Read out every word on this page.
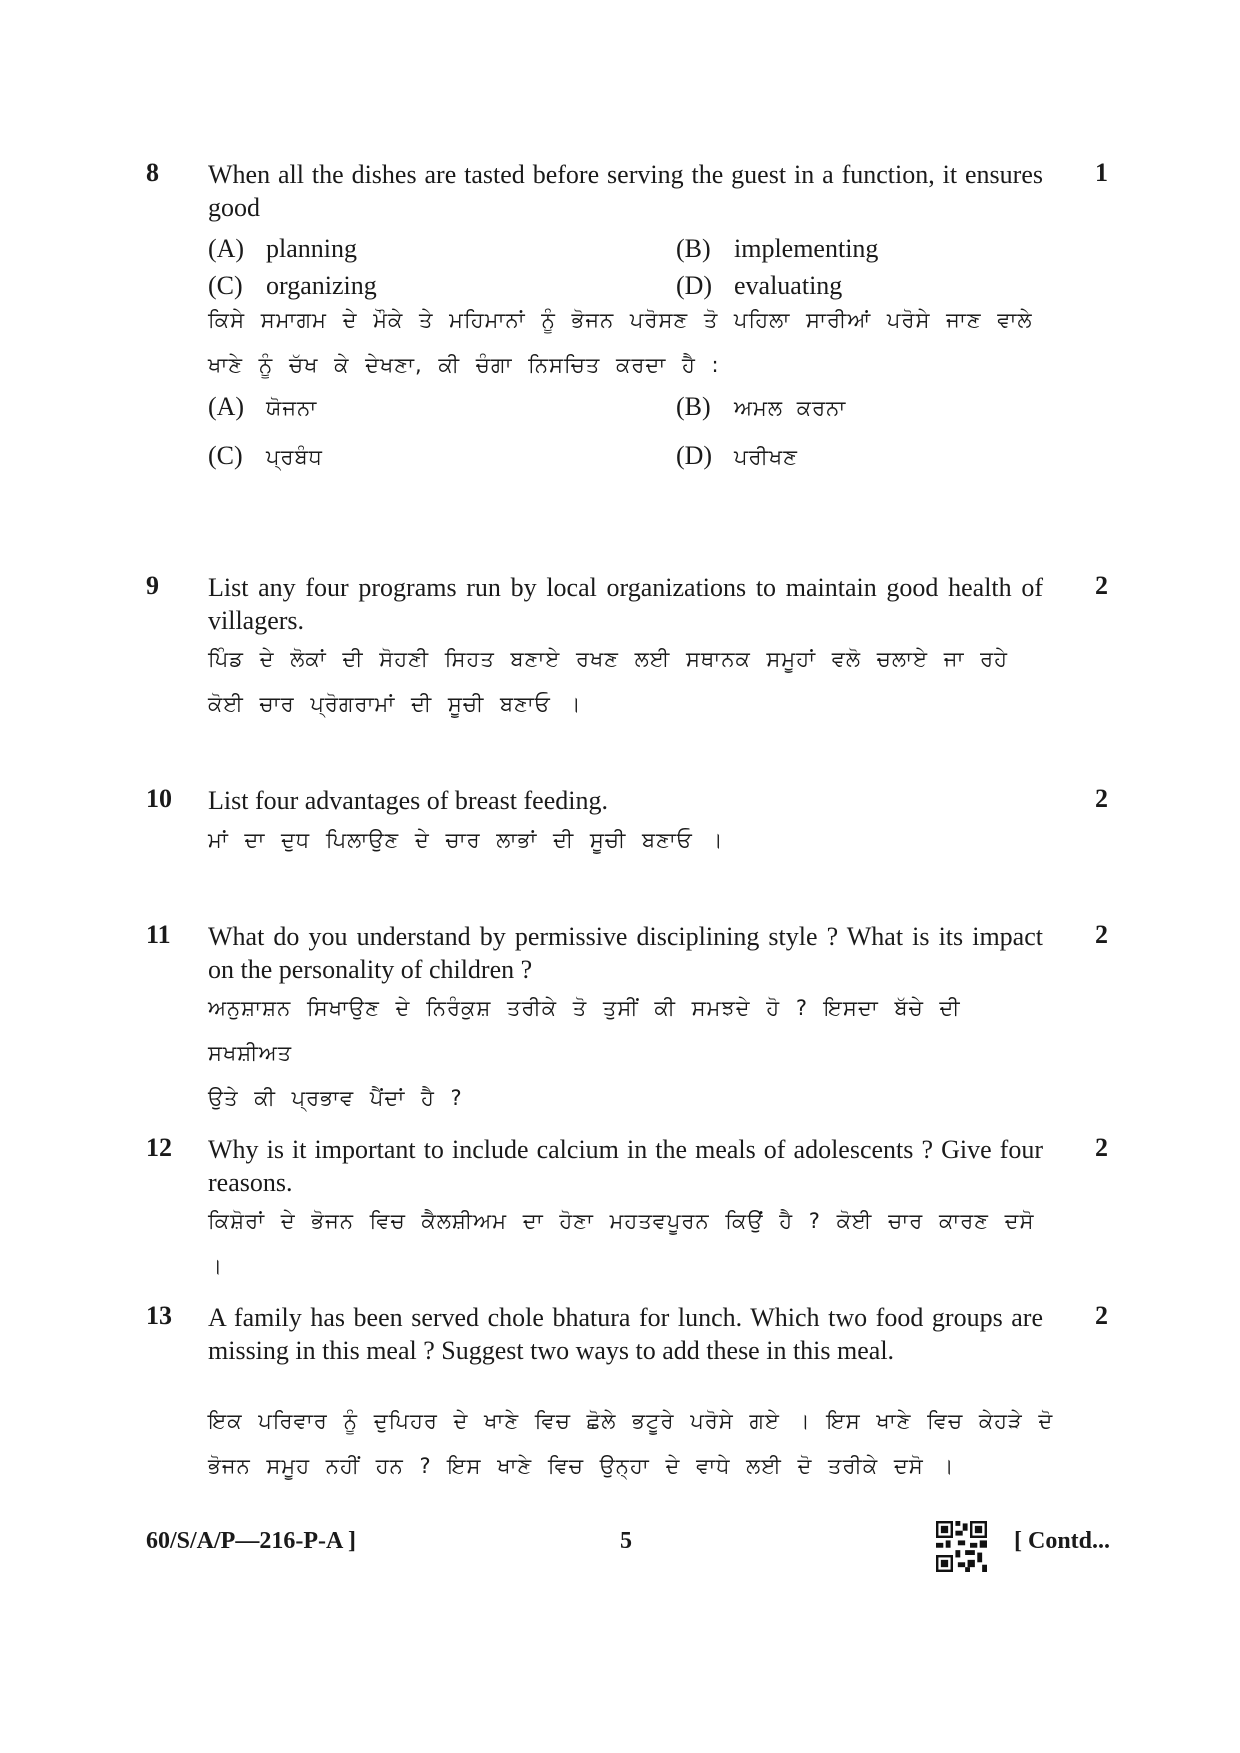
8	1
When all the dishes are tasted before serving the guest in a function, it ensures good
(A) planning	(B) implementing
(C) organizing	(D) evaluating
ਕਿਸੇ ਸਮਾਗਮ ਦੇ ਮੌਕੇ ਤੇ ਮਹਿਮਾਨਾਂ ਨੂੰ ਭੋਜਨ ਪਰੋਸਣ ਤੋ ਪਹਿਲਾ ਸਾਰੀਆਂ ਪਰੋਸੇ ਜਾਣ ਵਾਲੇ
ਖਾਣੇ ਨੂੰ ਚੱਖ ਕੇ ਦੇਖਣਾ, ਕੀ ਚੰਗਾ ਨਿਸਚਿਤ ਕਰਦਾ ਹੈ :
(A) ਯੋਜਨਾ	(B) ਅਮਲ ਕਰਨਾ
(C) ਪ੍ਰਬੰਧ	(D) ਪਰੀਖਣ
9	2
List any four programs run by local organizations to maintain good health of villagers.
ਪਿੰਡ ਦੇ ਲੋਕਾਂ ਦੀ ਸੋਹਣੀ ਸਿਹਤ ਬਣਾਏ ਰਖਣ ਲਈ ਸਥਾਨਕ ਸਮੂਹਾਂ ਵਲੋ ਚਲਾਏ ਜਾ ਰਹੇ
ਕੋਈ ਚਾਰ ਪ੍ਰੋਗਰਾਮਾਂ ਦੀ ਸੂਚੀ ਬਣਾਓ ।
10	2
List four advantages of breast feeding.
ਮਾਂ ਦਾ ਦੁਧ ਪਿਲਾਉਣ ਦੇ ਚਾਰ ਲਾਭਾਂ ਦੀ ਸੂਚੀ ਬਣਾਓ ।
11	2
What do you understand by permissive disciplining style ? What is its impact on the personality of children ?
ਅਨੁਸ਼ਾਸ਼ਨ ਸਿਖਾਉਣ ਦੇ ਨਿਰੰਕੁਸ਼ ਤਰੀਕੇ ਤੋ ਤੁਸੀਂ ਕੀ ਸਮਝਦੇ ਹੋ ? ਇਸਦਾ ਬੱਚੇ ਦੀ ਸਖਸ਼ੀਅਤ
ਉਤੇ ਕੀ ਪ੍ਰਭਾਵ ਪੈਂਦਾਂ ਹੈ ?
12	2
Why is it important to include calcium in the meals of adolescents ? Give four reasons.
ਕਿਸ਼ੋਰਾਂ ਦੇ ਭੋਜਨ ਵਿਚ ਕੈਲਸ਼ੀਅਮ ਦਾ ਹੋਣਾ ਮਹਤਵਪੂਰਨ ਕਿਉਂ ਹੈ ? ਕੋਈ ਚਾਰ ਕਾਰਣ ਦਸੋ ।
13	2
A family has been served chole bhatura for lunch. Which two food groups are missing in this meal ? Suggest two ways to add these in this meal.
ਇਕ ਪਰਿਵਾਰ ਨੂੰ ਦੁਪਿਹਰ ਦੇ ਖਾਣੇ ਵਿਚ ਛੋਲੇ ਭਟੂਰੇ ਪਰੋਸੇ ਗਏ । ਇਸ ਖਾਣੇ ਵਿਚ ਕੇਹੜੇ ਦੋ
ਭੋਜਨ ਸਮੂਹ ਨਹੀਂ ਹਨ ? ਇਸ ਖਾਣੇ ਵਿਚ ਉਨ੍ਹਾ ਦੇ ਵਾਧੇ ਲਈ ਦੋ ਤਰੀਕੇ ਦਸੋ ।
60/S/A/P—216-P-A ]	5	[ Contd...
